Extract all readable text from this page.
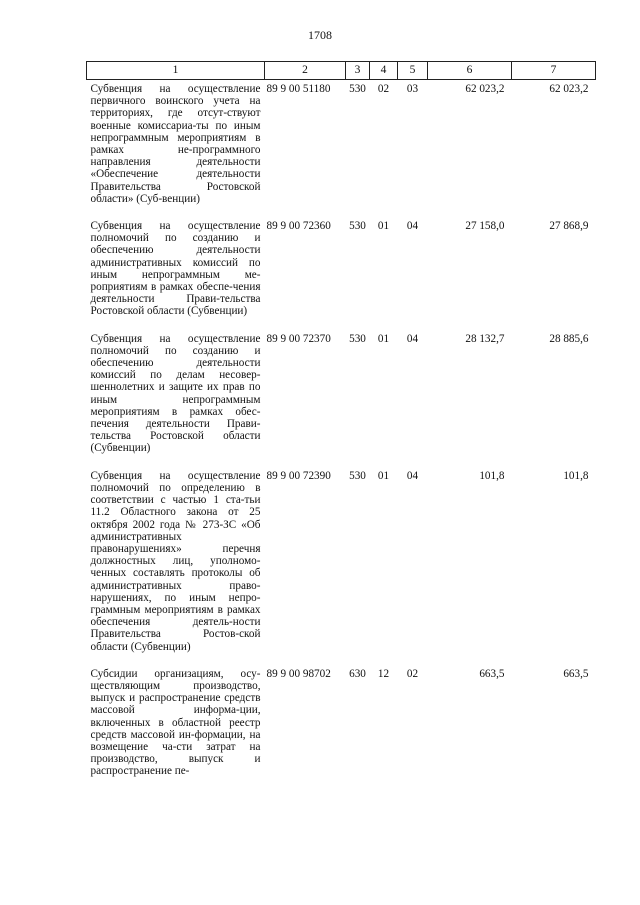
1708
1	2	3	4	5	6	7
Субвенция на осуществление первичного воинского учета на территориях, где отсут-ствуют военные комиссариа-ты по иным непрограммным мероприятиям в рамках не-программного направления деятельности «Обеспечение деятельности Правительства Ростовской области» (Суб-венции)	89 9 00 51180	530	02	03	62 023,2	62 023,2
Субвенция на осуществление полномочий по созданию и обеспечению деятельности административных комиссий по иным непрограммным ме-роприятиям в рамках обеспе-чения деятельности Прави-тельства Ростовской области (Субвенции)	89 9 00 72360	530	01	04	27 158,0	27 868,9
Субвенция на осуществление полномочий по созданию и обеспечению деятельности комиссий по делам несовер-шеннолетних и защите их прав по иным непрограммным мероприятиям в рамках обес-печения деятельности Прави-тельства Ростовской области (Субвенции)	89 9 00 72370	530	01	04	28 132,7	28 885,6
Субвенция на осуществление полномочий по определению в соответствии с частью 1 ста-тьи 11.2 Областного закона от 25 октября 2002 года № 273-ЗС «Об административных правонарушениях» перечня должностных лиц, уполномо-ченных составлять протоколы об административных право-нарушениях, по иным непро-граммным мероприятиям в рамках обеспечения деятель-ности Правительства Ростов-ской области (Субвенции)	89 9 00 72390	530	01	04	101,8	101,8
Субсидии организациям, осу-ществляющим производство, выпуск и распространение средств массовой информа-ции, включенных в областной реестр средств массовой ин-формации, на возмещение ча-сти затрат на производство, выпуск и распространение пе-	89 9 00 98702	630	12	02	663,5	663,5
